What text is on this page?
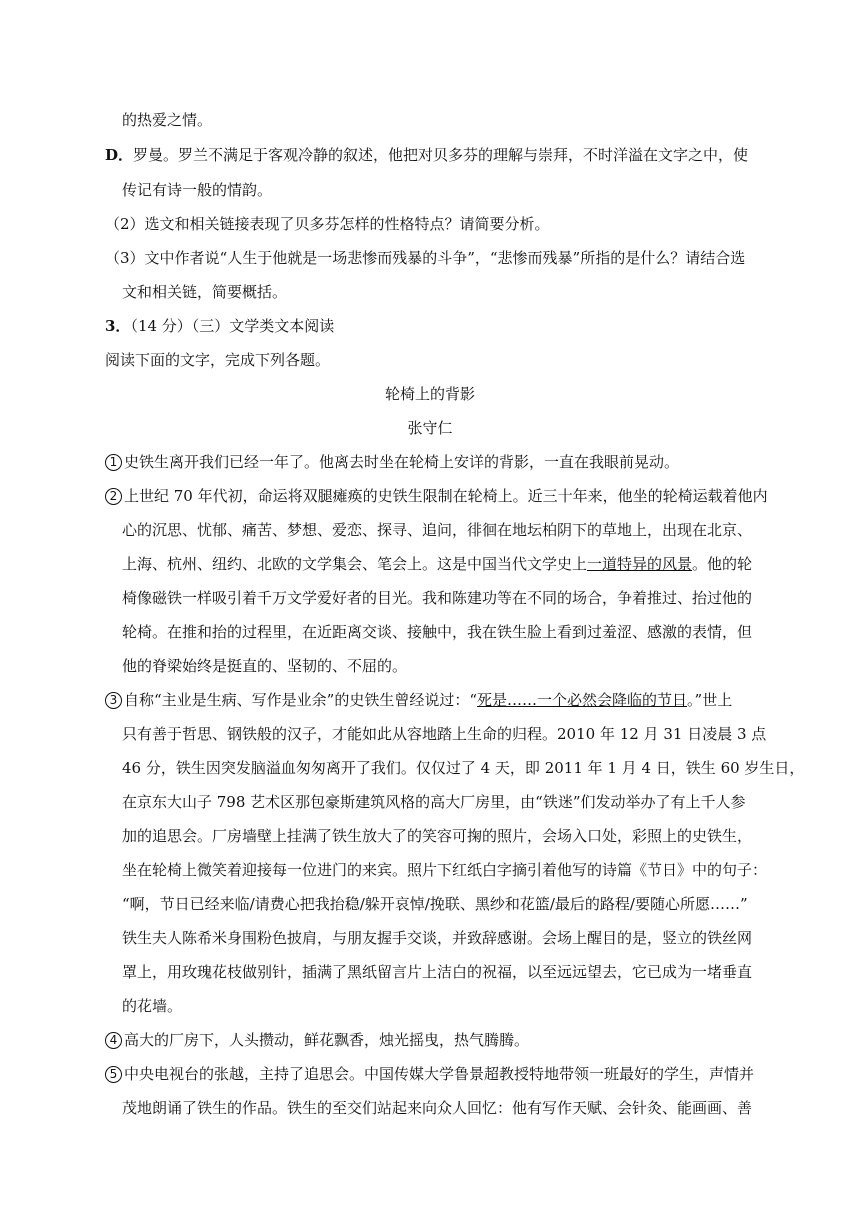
的热爱之情。
D．罗曼。罗兰不满足于客观冷静的叙述，他把对贝多芬的理解与崇拜，不时洋溢在文字之中，使
传记有诗一般的情韵。
（2）选文和相关链接表现了贝多芬怎样的性格特点？请简要分析。
（3）文中作者说“人生于他就是一场悲惨而残暴的斗争”，“悲惨而残暴”所指的是什么？请结合选
文和相关链，简要概括。
3．（14 分）（三）文学类文本阅读
阅读下面的文字，完成下列各题。
轮椅上的背影
张守仁
1 史铁生离开我们已经一年了。他离去时坐在轮椅上安详的背影，一直在我眼前晃动。
2 上世纪 70 年代初，命运将双腿瘫痪的史铁生限制在轮椅上。近三十年来，他坐的轮椅运载着他内
心的沉思、忧郁、痛苦、梦想、爱恋、探寻、追问，徘徊在地坛柏阴下的草地上，出现在北京、
上海、杭州、纽约、北欧的文学集会、笔会上。这是中国当代文学史上一道特异的风景。他的轮
椅像磁铁一样吸引着千万文学爱好者的目光。我和陈建功等在不同的场合，争着推过、抬过他的
轮椅。在推和抬的过程里，在近距离交谈、接触中，我在铁生脸上看到过羞涩、感激的表情，但
他的脊梁始终是挺直的、坚韧的、不屈的。
3 自称“主业是生病、写作是业余”的史铁生曾经说过：“死是……一个必然会降临的节日。”世上
只有善于哲思、钢铁般的汉子，才能如此从容地踏上生命的归程。2010 年 12 月 31 日凌晨 3 点
46 分，铁生因突发脑溢血匆匆离开了我们。仅仅过了 4 天，即 2011 年 1 月 4 日，铁生 60 岁生日，
在京东大山子 798 艺术区那包豪斯建筑风格的高大厂房里，由“铁迷”们发动举办了有上千人参
加的追思会。厂房墙壁上挂满了铁生放大了的笑容可掬的照片，会场入口处，彩照上的史铁生，
坐在轮椅上微笑着迎接每一位进门的来宾。照片下红纸白字摘引着他写的诗篇《节日》中的句子：
“啊，节日已经来临/请费心把我抬稳/躲开哀悼/挽联、黑纱和花篮/最后的路程/要随心所愿……”
铁生夫人陈希米身围粉色披肩，与朋友握手交谈，并致辞感谢。会场上醒目的是，竖立的铁丝网
罩上，用玫瑰花枝做别针，插满了黑纸留言片上洁白的祝福，以至远远望去，它已成为一堵垂直
的花墙。
4 高大的厂房下，人头攒动，鲜花飘香，烛光摇曳，热气腾腾。
5 中央电视台的张越，主持了追思会。中国传媒大学鲁景超教授特地带领一班最好的学生，声情并
茂地朗诵了铁生的作品。铁生的至交们站起来向众人回忆：他有写作天赋、会针灸、能画画、善
